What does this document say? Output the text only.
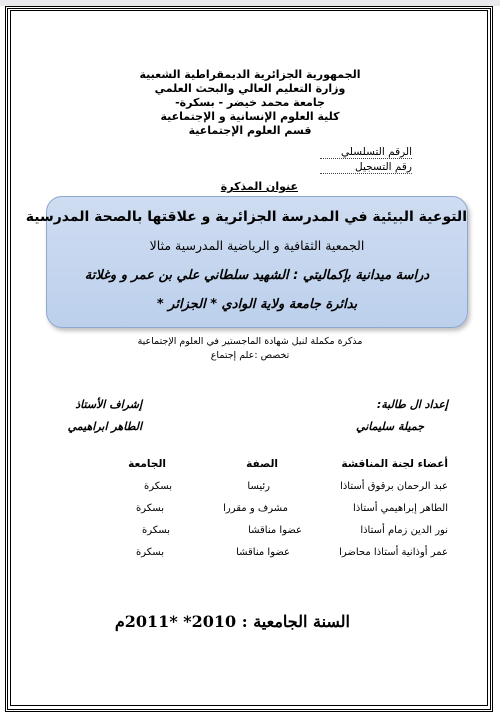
الجمهورية الجزائرية الديمقراطية الشعبية
وزارة التعليم العالي والبحث العلمي
جامعة محمد خيضر - بسكرة-
كلية العلوم الإنسانية و الإجتماعية
قسم العلوم الإجتماعية
الرقم التسلسلي
رقم التسجيل
عنوان المذكرة
التوعية البيئية في المدرسة الجزائرية و علاقتها بالصحة المدرسية
الجمعية الثقافية و الرياضية المدرسية مثالا
دراسة ميدانية بإكماليتي : الشهيد سلطاني علي بن عمر و وغلاتة
بدائرة جامعة ولاية الوادي * الجزائر *
مذكرة مكملة لنيل شهادة الماجستير في العلوم الإجتماعية
تخصص :علم إجتماع
إعداد ال طالبة:
جميلة سليماني
إشراف الأستاذ
الطاهر ابراهيمي
أعضاء لجنة المناقشة
الصفة
الجامعة
عبد الرحمان برقوق أستاذا
رئيسا
بسكرة
الطاهر إبراهيمي أستاذا
مشرف و مقررا
بسكرة
نور الدين زمام أستاذا
عضوا مناقشا
بسكرة
عمر أوذانية أستاذا محاضرا
عضوا مناقشا
بسكرة
السنة الجامعية : 2010* *2011م
